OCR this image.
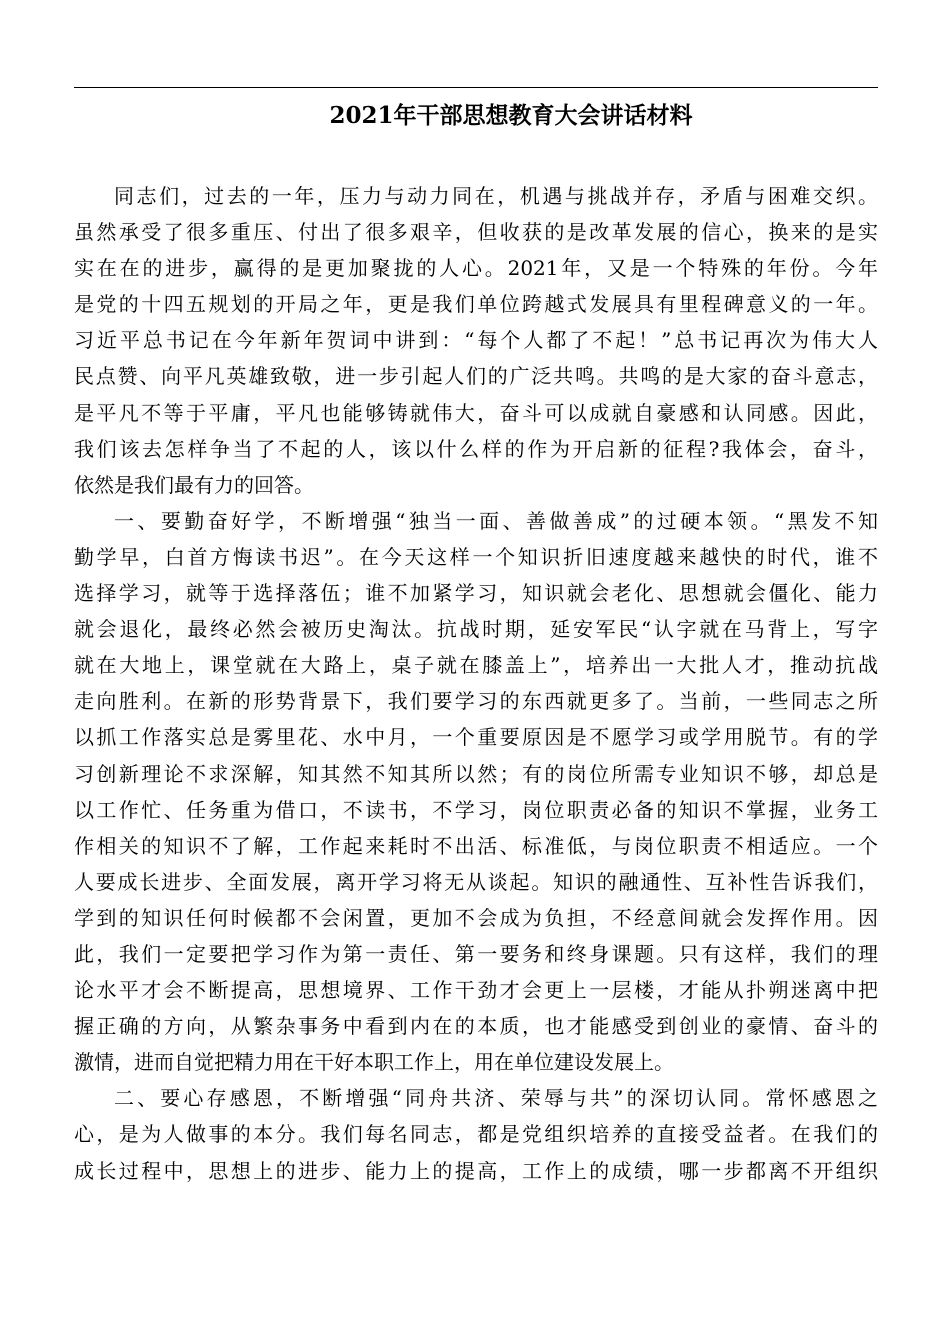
2021年干部思想教育大会讲话材料
同志们，过去的一年，压力与动力同在，机遇与挑战并存，矛盾与困难交织。
虽然承受了很多重压、付出了很多艰辛，但收获的是改革发展的信心，换来的是实
实在在的进步，赢得的是更加聚拢的人心。2021年，又是一个特殊的年份。今年
是党的十四五规划的开局之年，更是我们单位跨越式发展具有里程碑意义的一年。
习近平总书记在今年新年贺词中讲到：“每个人都了不起！”总书记再次为伟大人
民点赞、向平凡英雄致敬，进一步引起人们的广泛共鸣。共鸣的是大家的奋斗意志，
是平凡不等于平庸，平凡也能够铸就伟大，奋斗可以成就自豪感和认同感。因此，
我们该去怎样争当了不起的人，该以什么样的作为开启新的征程?我体会，奋斗，
依然是我们最有力的回答。
一、要勤奋好学，不断增强“独当一面、善做善成”的过硬本领。“黑发不知
勤学早，白首方悔读书迟”。在今天这样一个知识折旧速度越来越快的时代，谁不
选择学习，就等于选择落伍；谁不加紧学习，知识就会老化、思想就会僵化、能力
就会退化，最终必然会被历史淘汰。抗战时期，延安军民“认字就在马背上，写字
就在大地上，课堂就在大路上，桌子就在膝盖上”，培养出一大批人才，推动抗战
走向胜利。在新的形势背景下，我们要学习的东西就更多了。当前，一些同志之所
以抓工作落实总是雾里花、水中月，一个重要原因是不愿学习或学用脱节。有的学
习创新理论不求深解，知其然不知其所以然；有的岗位所需专业知识不够，却总是
以工作忙、任务重为借口，不读书，不学习，岗位职责必备的知识不掌握，业务工
作相关的知识不了解，工作起来耗时不出活、标准低，与岗位职责不相适应。一个
人要成长进步、全面发展，离开学习将无从谈起。知识的融通性、互补性告诉我们，
学到的知识任何时候都不会闲置，更加不会成为负担，不经意间就会发挥作用。因
此，我们一定要把学习作为第一责任、第一要务和终身课题。只有这样，我们的理
论水平才会不断提高，思想境界、工作干劲才会更上一层楼，才能从扑朔迷离中把
握正确的方向，从繁杂事务中看到内在的本质，也才能感受到创业的豪情、奋斗的
激情，进而自觉把精力用在干好本职工作上，用在单位建设发展上。
二、要心存感恩，不断增强“同舟共济、荣辱与共”的深切认同。常怀感恩之
心，是为人做事的本分。我们每名同志，都是党组织培养的直接受益者。在我们的
成长过程中，思想上的进步、能力上的提高，工作上的成绩，哪一步都离不开组织
